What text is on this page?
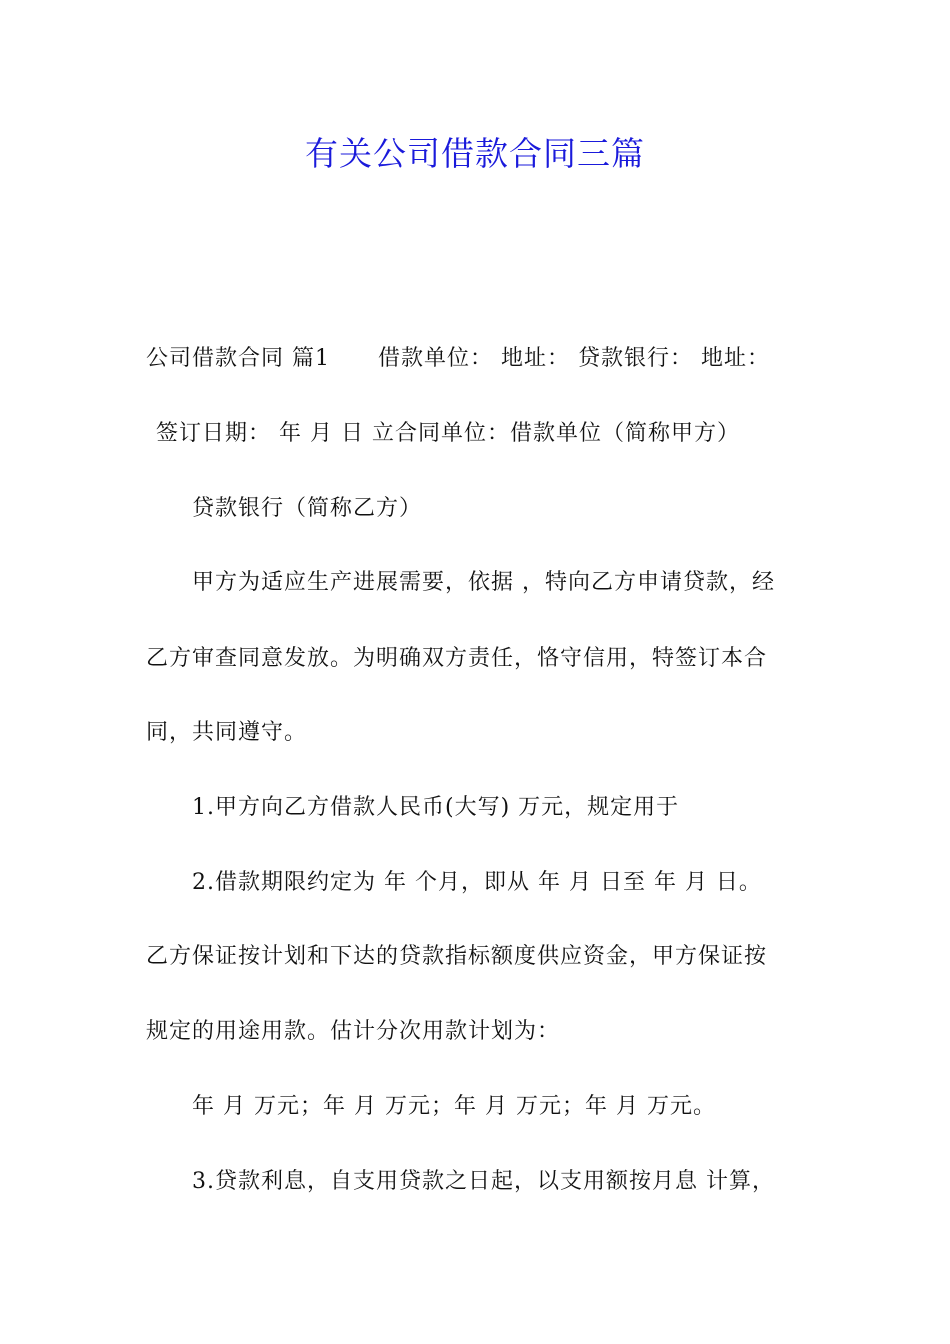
有关公司借款合同三篇
公司借款合同 篇1 借款单位： 地址： 贷款银行： 地址：
签订日期： 年 月 日 立合同单位：借款单位（简称甲方）
贷款银行（简称乙方）
甲方为适应生产进展需要，依据 ，特向乙方申请贷款，经
乙方审查同意发放。为明确双方责任，恪守信用，特签订本合
同，共同遵守。
1.甲方向乙方借款人民币(大写) 万元，规定用于
2.借款期限约定为 年 个月，即从 年 月 日至 年 月 日。
乙方保证按计划和下达的贷款指标额度供应资金，甲方保证按
规定的用途用款。估计分次用款计划为：
年 月 万元；年 月 万元；年 月 万元；年 月 万元。
3.贷款利息，自支用贷款之日起，以支用额按月息 计算，
